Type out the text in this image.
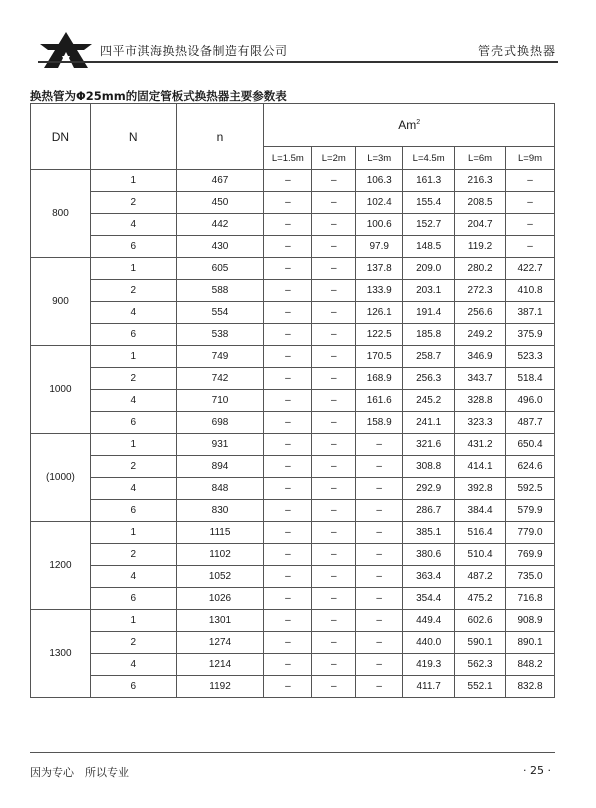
四平市淇海换热设备制造有限公司	管壳式换热器
换热管为Φ25mm的固定管板式换热器主要参数表
DN	N	n	Am$^2$
			L=1.5m	L=2m	L=3m	L=4.5m	L=6m	L=9m
800	1	467	–	–	106.3	161.3	216.3	–
	2	450	–	–	102.4	155.4	208.5	–
	4	442	–	–	100.6	152.7	204.7	–
	6	430	–	–	97.9	148.5	119.2	–
900	1	605	–	–	137.8	209.0	280.2	422.7
	2	588	–	–	133.9	203.1	272.3	410.8
	4	554	–	–	126.1	191.4	256.6	387.1
	6	538	–	–	122.5	185.8	249.2	375.9
1000	1	749	–	–	170.5	258.7	346.9	523.3
	2	742	–	–	168.9	256.3	343.7	518.4
	4	710	–	–	161.6	245.2	328.8	496.0
	6	698	–	–	158.9	241.1	323.3	487.7
(1000)	1	931	–	–	–	321.6	431.2	650.4
	2	894	–	–	–	308.8	414.1	624.6
	4	848	–	–	–	292.9	392.8	592.5
	6	830	–	–	–	286.7	384.4	579.9
1200	1	1115	–	–	–	385.1	516.4	779.0
	2	1102	–	–	–	380.6	510.4	769.9
	4	1052	–	–	–	363.4	487.2	735.0
	6	1026	–	–	–	354.4	475.2	716.8
1300	1	1301	–	–	–	449.4	602.6	908.9
	2	1274	–	–	–	440.0	590.1	890.1
	4	1214	–	–	–	419.3	562.3	848.2
	6	1192	–	–	–	411.7	552.1	832.8
因为专心　所以专业	· 25 ·
